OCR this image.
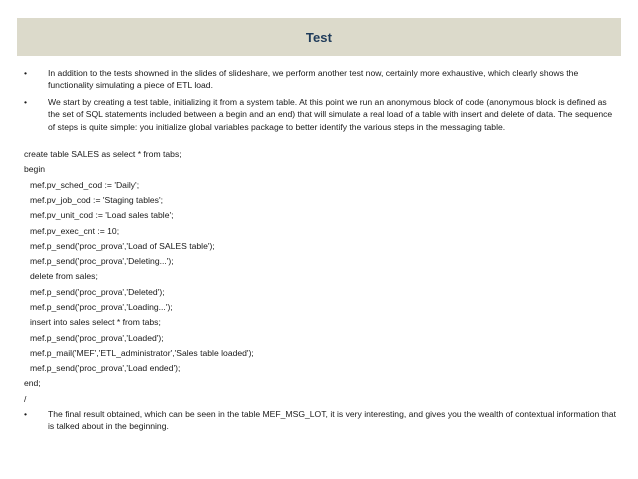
Test
•	In addition to the tests showned in the slides of slideshare, we perform another test now, certainly more exhaustive, which clearly shows the functionality simulating a piece of ETL load.
•	We start by creating a test table, initializing it from a system table. At this point we run an anonymous block of code (anonymous block is defined as the set of SQL statements included between a begin and an end) that will simulate a real load of a table with insert and delete of data. The sequence of steps is quite simple: you initialize global variables package to better identify the various steps in the messaging table.
create table SALES as select * from tabs;
begin
mef.pv_sched_cod := 'Daily';
mef.pv_job_cod := 'Staging tables';
mef.pv_unit_cod := 'Load sales table';
mef.pv_exec_cnt := 10;
mef.p_send('proc_prova','Load of SALES table');
mef.p_send('proc_prova','Deleting...');
delete from sales;
mef.p_send('proc_prova','Deleted');
mef.p_send('proc_prova','Loading...');
insert into sales select * from tabs;
mef.p_send('proc_prova','Loaded');
mef.p_mail('MEF','ETL_administrator','Sales table loaded');
mef.p_send('proc_prova','Load ended');
end;
/
•	The final result obtained, which can be seen in the table MEF_MSG_LOT, it is very interesting, and gives you the wealth of contextual information that is talked about in the beginning.
